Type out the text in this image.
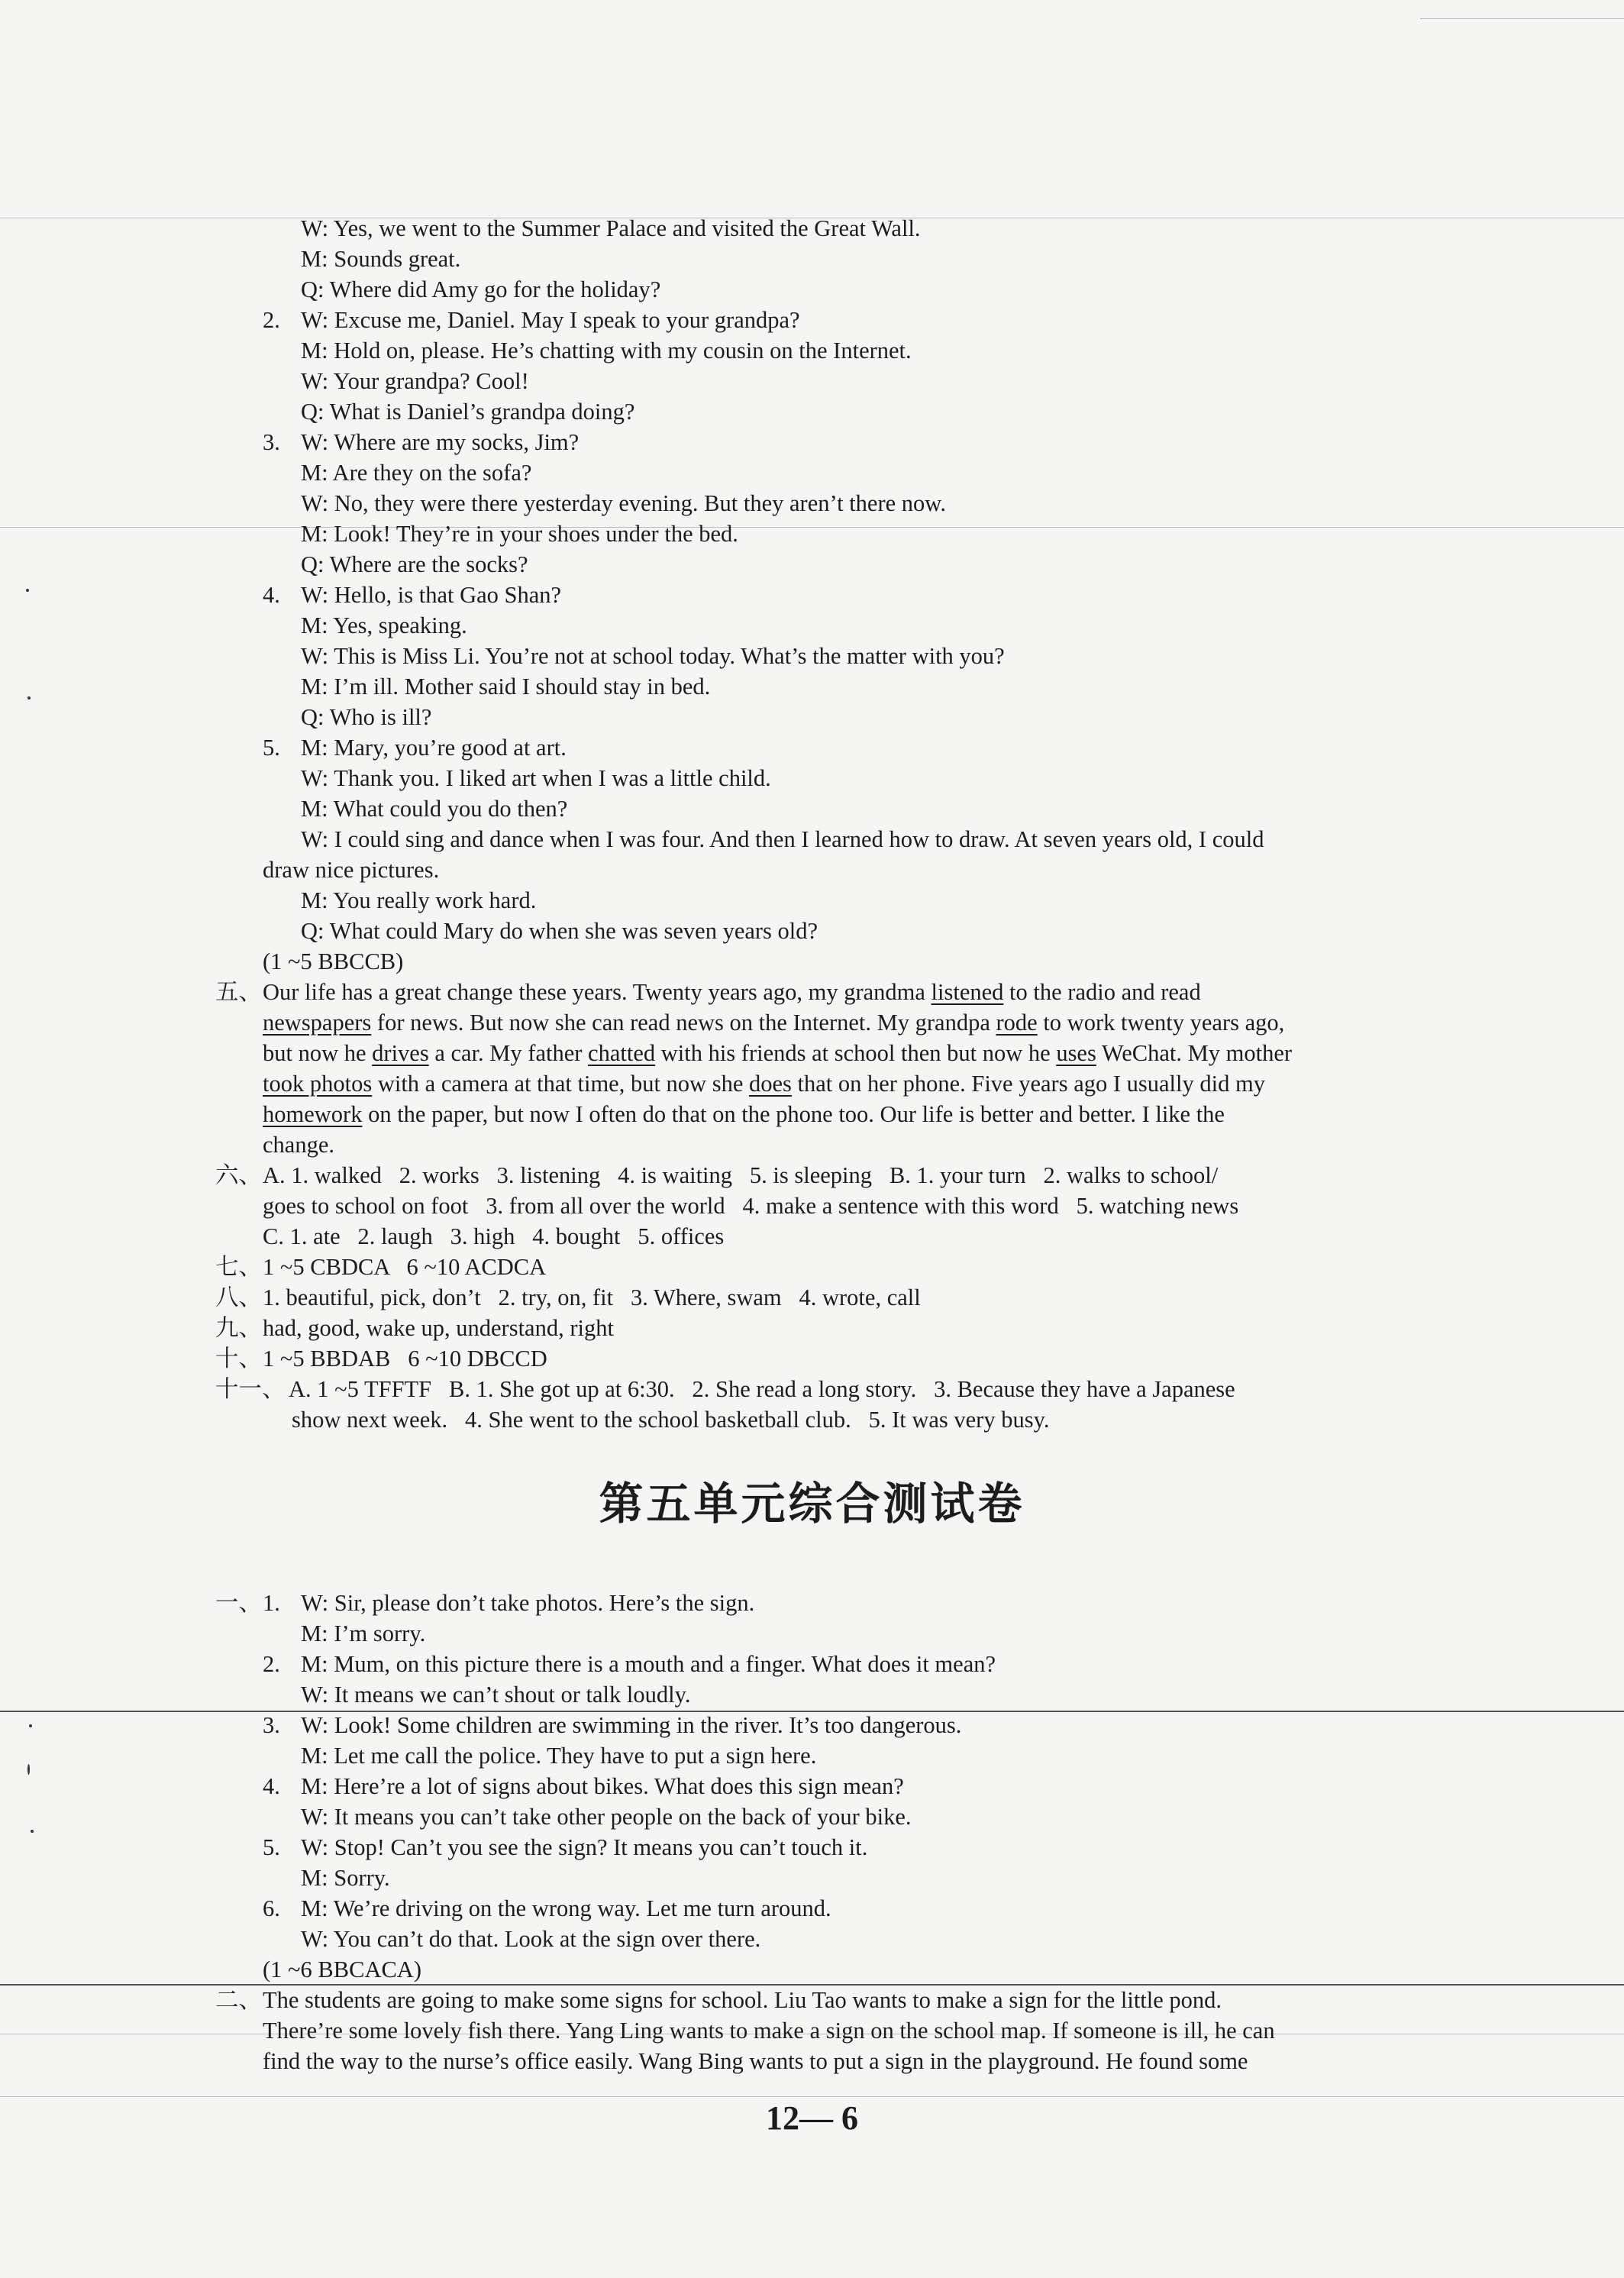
W: Yes, we went to the Summer Palace and visited the Great Wall.
M: Sounds great.
Q: Where did Amy go for the holiday?
2. W: Excuse me, Daniel. May I speak to your grandpa?
M: Hold on, please. He’s chatting with my cousin on the Internet.
W: Your grandpa? Cool!
Q: What is Daniel’s grandpa doing?
3. W: Where are my socks, Jim?
M: Are they on the sofa?
W: No, they were there yesterday evening. But they aren’t there now.
M: Look! They’re in your shoes under the bed.
Q: Where are the socks?
4. W: Hello, is that Gao Shan?
M: Yes, speaking.
W: This is Miss Li. You’re not at school today. What’s the matter with you?
M: I’m ill. Mother said I should stay in bed.
Q: Who is ill?
5. M: Mary, you’re good at art.
W: Thank you. I liked art when I was a little child.
M: What could you do then?
W: I could sing and dance when I was four. And then I learned how to draw. At seven years old, I could
draw nice pictures.
M: You really work hard.
Q: What could Mary do when she was seven years old?
(1 ~5 BBCCB)
五、 Our life has a great change these years. Twenty years ago, my grandma listened to the radio and read
newspapers for news. But now she can read news on the Internet. My grandpa rode to work twenty years ago,
but now he drives a car. My father chatted with his friends at school then but now he uses WeChat. My mother
took photos with a camera at that time, but now she does that on her phone. Five years ago I usually did my
homework on the paper, but now I often do that on the phone too. Our life is better and better. I like the
change.
六、 A. 1. walked   2. works   3. listening   4. is waiting   5. is sleeping   B. 1. your turn   2. walks to school/
goes to school on foot   3. from all over the world   4. make a sentence with this word   5. watching news
C. 1. ate   2. laugh   3. high   4. bought   5. offices
七、 1 ~5 CBDCA   6 ~10 ACDCA
八、 1. beautiful, pick, don’t   2. try, on, fit   3. Where, swam   4. wrote, call
九、 had, good, wake up, understand, right
十、 1 ~5 BBDAB   6 ~10 DBCCD
十一、 A. 1 ~5 TFFTF   B. 1. She got up at 6:30.   2. She read a long story.   3. Because they have a Japanese
show next week.   4. She went to the school basketball club.   5. It was very busy.
第五单元综合测试卷
一、 1. W: Sir, please don’t take photos. Here’s the sign.
M: I’m sorry.
2. M: Mum, on this picture there is a mouth and a finger. What does it mean?
W: It means we can’t shout or talk loudly.
3. W: Look! Some children are swimming in the river. It’s too dangerous.
M: Let me call the police. They have to put a sign here.
4. M: Here’re a lot of signs about bikes. What does this sign mean?
W: It means you can’t take other people on the back of your bike.
5. W: Stop! Can’t you see the sign? It means you can’t touch it.
M: Sorry.
6. M: We’re driving on the wrong way. Let me turn around.
W: You can’t do that. Look at the sign over there.
(1 ~6 BBCACA)
二、 The students are going to make some signs for school. Liu Tao wants to make a sign for the little pond.
There’re some lovely fish there. Yang Ling wants to make a sign on the school map. If someone is ill, he can
find the way to the nurse’s office easily. Wang Bing wants to put a sign in the playground. He found some
12— 6
